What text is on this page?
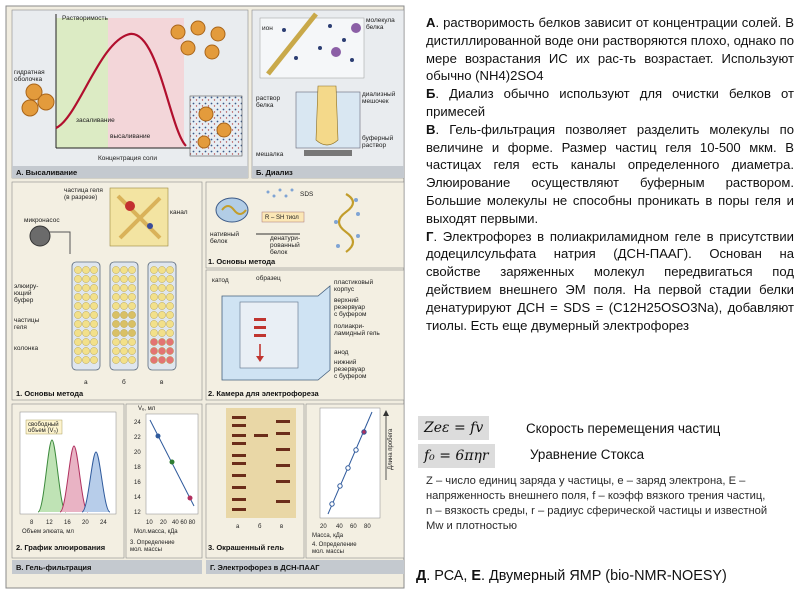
Растворимость
гидратная
оболочка
засаливание
высаливание
Концентрация соли
А. Высаливание
ион
молекула
белка
раствор
белка
диализный
мешочек
мешалка
буферный
раствор
Б. Диализ
частица геля
(в разрезе)
канал
микронасос
элюиру-
ющий
буфер
частицы
геля
колонка
а	б	в
1. Основы метода
SDS
R – SH тиол
нативный
белок	денатури-
рованный
белок
1. Основы метода
катод	образец
пластиковый
корпус
верхний
резервуар
с буфером
полиакри-
ламидный гель
анод
нижний
резервуар
с буфером
2. Камера для электрофореза
свободный
объем (V₀)
8 12 16 20 24
Объем элюата, мл
2. График элюирования
Vₑ, мл
24
22
20
18
16
14
12
10 20 40 60 80
Мол.масса, кДа
3. Определение
мол. массы
а	б	в
3. Окрашенный гель
Длина пробега
20 40 60 80
Масса, кДа
4. Определение
мол. массы
В. Гель-фильтрация	Г. Электрофорез в ДСН-ПААГ

А. растворимость белков зависит от концентрации солей. В дистиллированной воде они растворяются плохо, однако по мере возрастания ИС их рас-ть возрастает. Используют обычно (NH4)2SO4

Б. Диализ обычно используют для очистки белков от примесей

В. Гель-фильтрация позволяет разделить молекулы по величине и форме. Размер частиц геля 10-500 мкм. В частицах геля есть каналы определенного диаметра. Элюирование осуществляют буферным раствором. Большие молекулы не способны проникать в поры геля и выходят первыми.

Г. Электрофорез в полиакриламидном геле в присутствии додецилсульфата натрия (ДСН-ПААГ). Основан на свойстве заряженных молекул передвигаться под действием внешнего ЭМ поля. На первой стадии белки денатурируют ДСН = SDS = (C12H25OSO3Na), добавляют тиолы. Есть еще двумерный электрофорез

Zeε = fv	Скорость перемещения частиц
f₀ = 6πηr	Уравнение Стокса
Z – число единиц заряда у частицы, e – заряд электрона, E – напряженность внешнего поля, f – коэфф вязкого трения частиц, n – вязкость среды, r – радиус сферической частицы и известной Mw и плотностью
Д. РСА, Е. Двумерный ЯМР (bio-NMR-NOESY)
